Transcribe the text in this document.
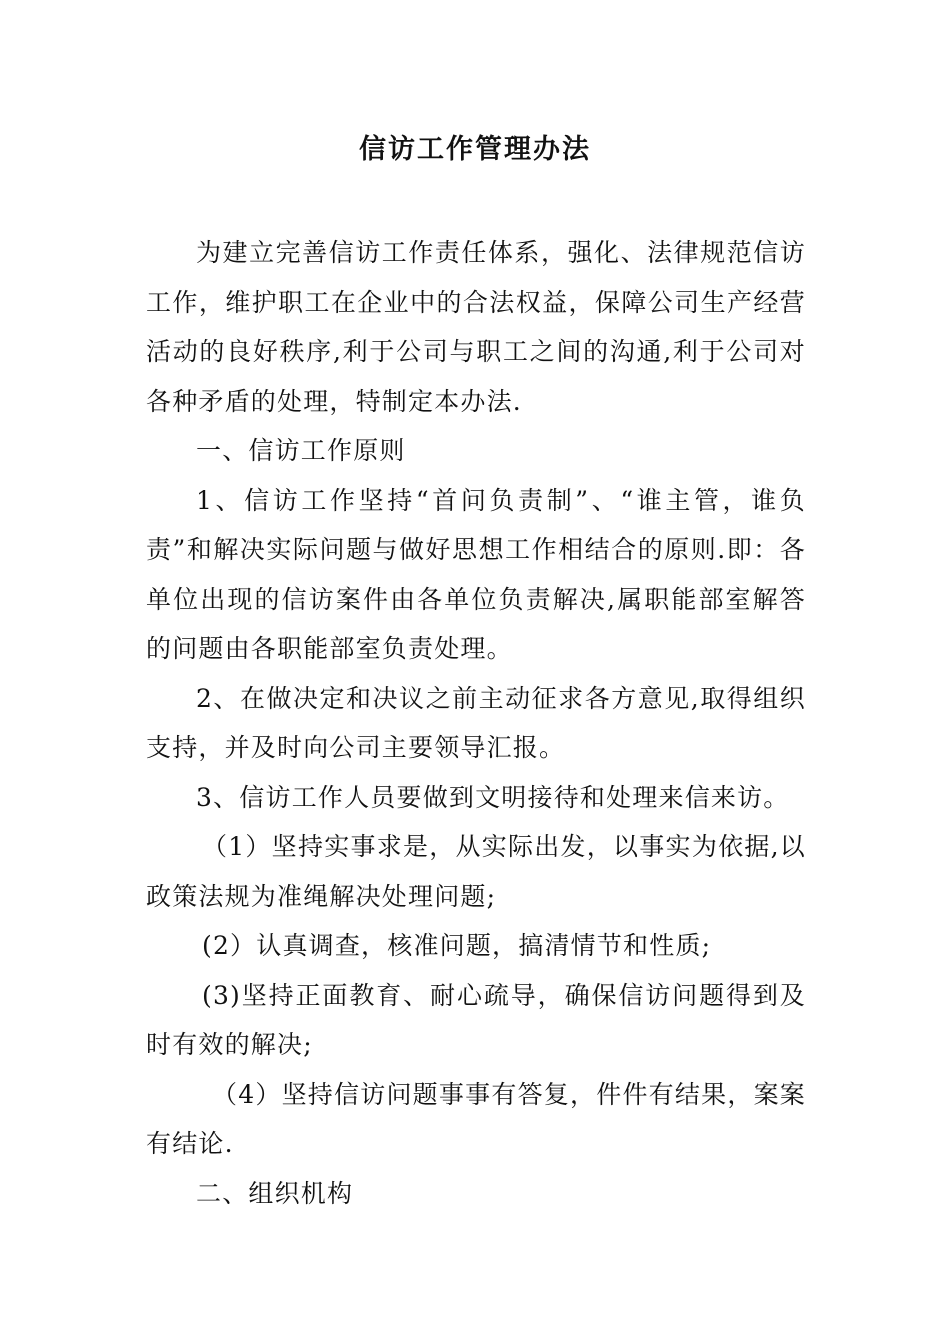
信访工作管理办法

为建立完善信访工作责任体系，强化、法律规范信访工作，维护职工在企业中的合法权益，保障公司生产经营活动的良好秩序,利于公司与职工之间的沟通,利于公司对各种矛盾的处理，特制定本办法.

一、信访工作原则

1、信访工作坚持“首问负责制”、“谁主管，谁负责”和解决实际问题与做好思想工作相结合的原则.即：各单位出现的信访案件由各单位负责解决,属职能部室解答的问题由各职能部室负责处理。

2、在做决定和决议之前主动征求各方意见,取得组织支持，并及时向公司主要领导汇报。

3、信访工作人员要做到文明接待和处理来信来访。

（1）坚持实事求是，从实际出发，以事实为依据,以政策法规为准绳解决处理问题;

(2）认真调查，核准问题，搞清情节和性质;

(3)坚持正面教育、耐心疏导，确保信访问题得到及时有效的解决;

（4）坚持信访问题事事有答复，件件有结果，案案有结论.

二、组织机构
